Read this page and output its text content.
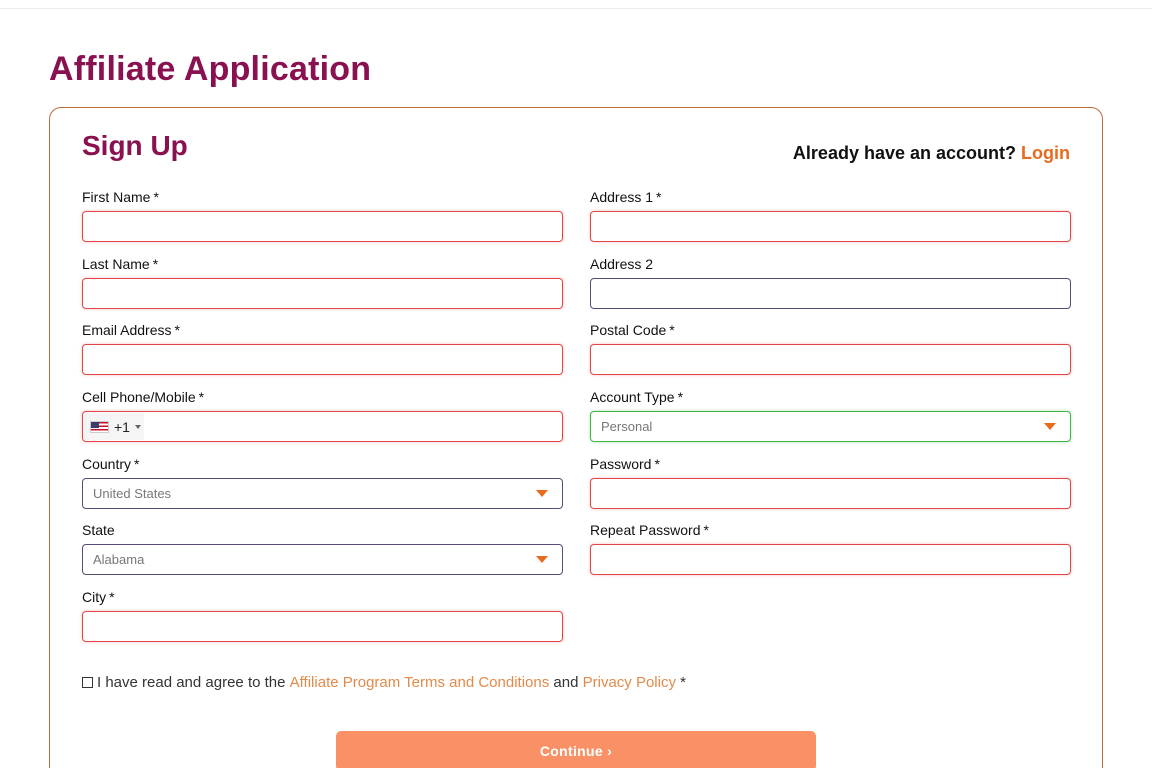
Affiliate Application
Sign Up	Already have an account? Login
First Name *
Last Name *
Email Address *
Cell Phone/Mobile *
+1
Country *
United States
State
Alabama
City *
Address 1 *
Address 2
Postal Code *
Account Type *
Personal
Password *
Repeat Password *
I have read and agree to the Affiliate Program Terms and Conditions and Privacy Policy *
Continue ›
